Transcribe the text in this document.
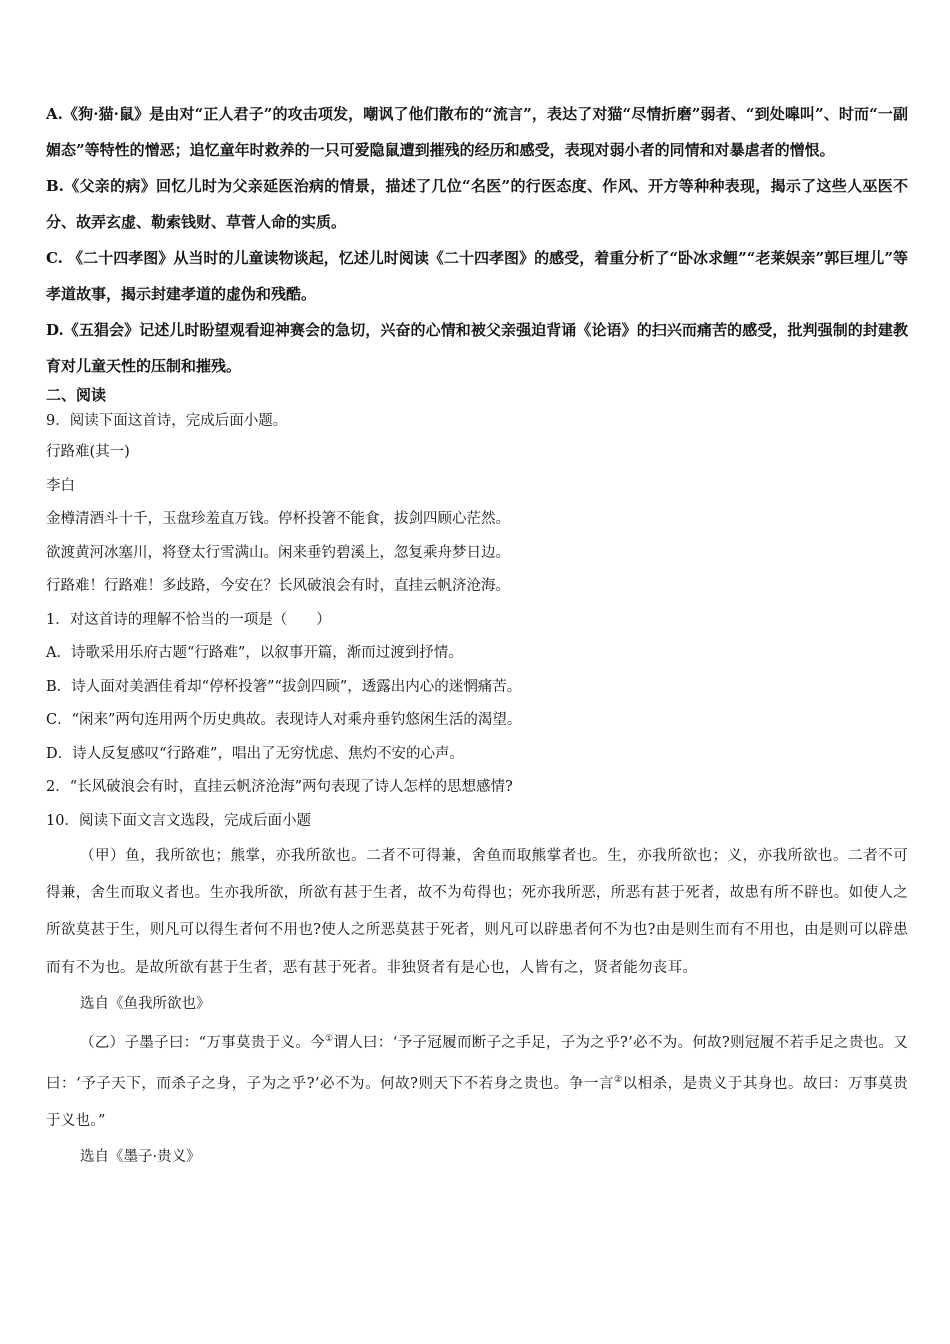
A.《狗·猫·鼠》是由对“正人君子”的攻击项发，嘲讽了他们散布的“流言”，表达了对猫“尽情折磨”弱者、“到处嗥叫”、时而“一副媚态”等特性的憎恶；追忆童年时救养的一只可爱隐鼠遭到摧残的经历和感受，表现对弱小者的同情和对暴虐者的憎恨。

B.《父亲的病》回忆儿时为父亲延医治病的情景，描述了几位“名医”的行医态度、作风、开方等种种表现，揭示了这些人巫医不分、故弄玄虚、勒索钱财、草菅人命的实质。

C. 《二十四孝图》从当时的儿童读物谈起，忆述儿时阅读《二十四孝图》的感受，着重分析了“卧冰求鲤”“老莱娱亲”郭巨埋儿”等孝道故事，揭示封建孝道的虚伪和残酷。

D.《五猖会》记述儿时盼望观看迎神赛会的急切，兴奋的心情和被父亲强迫背诵《论语》的扫兴而痛苦的感受，批判强制的封建教育对儿童天性的压制和摧残。

二、阅读

9．阅读下面这首诗，完成后面小题。

行路难(其一)

李白

金樽清酒斗十千，玉盘珍羞直万钱。停杯投箸不能食，拔剑四顾心茫然。

欲渡黄河冰塞川，将登太行雪满山。闲来垂钓碧溪上，忽复乘舟梦日边。

行路难！行路难！多歧路，今安在？长风破浪会有时，直挂云帆济沧海。

1．对这首诗的理解不恰当的一项是（　　）

A．诗歌采用乐府古题“行路难”，以叙事开篇，渐而过渡到抒情。

B．诗人面对美酒佳肴却“停杯投箸”“拔剑四顾”，透露出内心的迷惘痛苦。

C．“闲来”两句连用两个历史典故。表现诗人对乘舟垂钓悠闲生活的渴望。

D．诗人反复感叹“行路难”，唱出了无穷忧虑、焦灼不安的心声。

2．“长风破浪会有时，直挂云帆济沧海”两句表现了诗人怎样的思想感情?

10．阅读下面文言文选段，完成后面小题

（甲）鱼，我所欲也；熊掌，亦我所欲也。二者不可得兼，舍鱼而取熊掌者也。生，亦我所欲也；义，亦我所欲也。二者不可得兼，舍生而取义者也。生亦我所欲，所欲有甚于生者，故不为苟得也；死亦我所恶，所恶有甚于死者，故患有所不辟也。如使人之所欲莫甚于生，则凡可以得生者何不用也?使人之所恶莫甚于死者，则凡可以辟患者何不为也?由是则生而有不用也，由是则可以辟患而有不为也。是故所欲有甚于生者，恶有甚于死者。非独贤者有是心也，人皆有之，贤者能勿丧耳。

选自《鱼我所欲也》

（乙）子墨子曰：“万事莫贵于义。今①谓人曰：‘予子冠履而断子之手足，子为之乎?’必不为。何故?则冠履不若手足之贵也。又曰：‘予子天下，而杀子之身，子为之乎?’必不为。何故?则天下不若身之贵也。争一言②以相杀，是贵义于其身也。故曰：万事莫贵于义也。”

选自《墨子·贵义》
